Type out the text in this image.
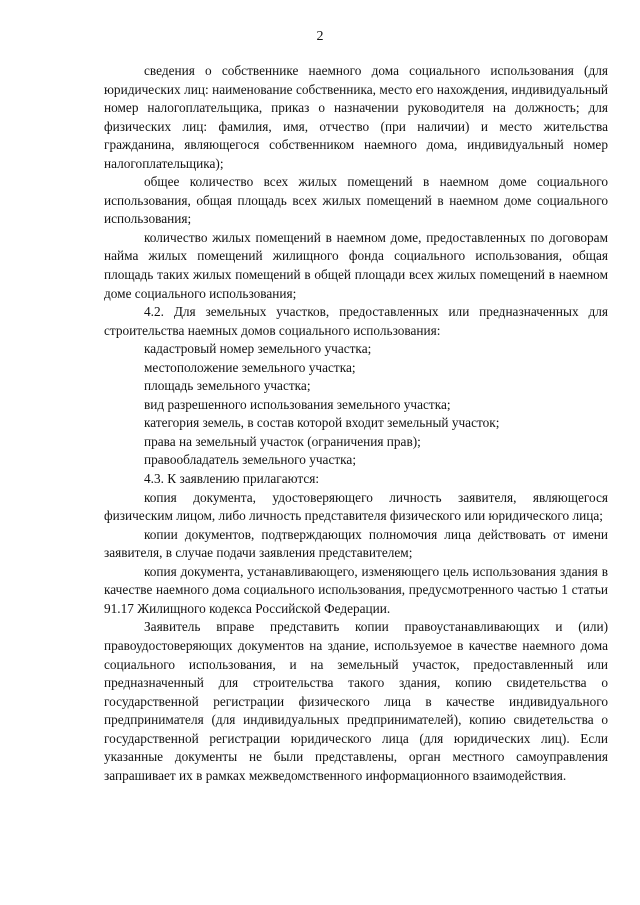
2

сведения о собственнике наемного дома социального использования (для юридических лиц: наименование собственника, место его нахождения, индивидуальный номер налогоплательщика, приказ о назначении руководителя на должность; для физических лиц: фамилия, имя, отчество (при наличии) и место жительства гражданина, являющегося собственником наемного дома, индивидуальный номер налогоплательщика);

общее количество всех жилых помещений в наемном доме социального использования, общая площадь всех жилых помещений в наемном доме социального использования;

количество жилых помещений в наемном доме, предоставленных по договорам найма жилых помещений жилищного фонда социального использования, общая площадь таких жилых помещений в общей площади всех жилых помещений в наемном доме социального использования;

4.2. Для земельных участков, предоставленных или предназначенных для строительства наемных домов социального использования:

кадастровый номер земельного участка;

местоположение земельного участка;

площадь земельного участка;

вид разрешенного использования земельного участка;

категория земель, в состав которой входит земельный участок;

права на земельный участок (ограничения прав);

правообладатель земельного участка;

4.3. К заявлению прилагаются:

копия документа, удостоверяющего личность заявителя, являющегося физическим лицом, либо личность представителя физического или юридического лица;

копии документов, подтверждающих полномочия лица действовать от имени заявителя, в случае подачи заявления представителем;

копия документа, устанавливающего, изменяющего цель использования здания в качестве наемного дома социального использования, предусмотренного частью 1 статьи 91.17 Жилищного кодекса Российской Федерации.

Заявитель вправе представить копии правоустанавливающих и (или) правоудостоверяющих документов на здание, используемое в качестве наемного дома социального использования, и на земельный участок, предоставленный или предназначенный для строительства такого здания, копию свидетельства о государственной регистрации физического лица в качестве индивидуального предпринимателя (для индивидуальных предпринимателей), копию свидетельства о государственной регистрации юридического лица (для юридических лиц). Если указанные документы не были представлены, орган местного самоуправления запрашивает их в рамках межведомственного информационного взаимодействия.
